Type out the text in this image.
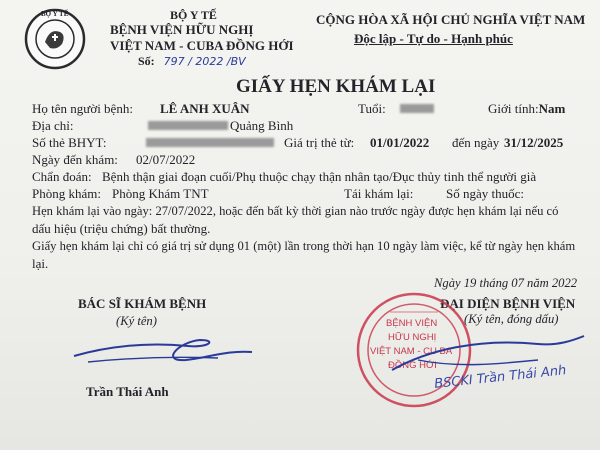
BỘ Y TẾ	BỘ Y TẾ
BỆNH VIỆN HỮU NGHỊ
VIỆT NAM - CUBA ĐỒNG HỚI
Số: 797 / 2022 /BV
CỘNG HÒA XÃ HỘI CHỦ NGHĨA VIỆT NAM
Độc lập - Tự do - Hạnh phúc
GIẤY HẸN KHÁM LẠI
Họ tên người bệnh: LÊ ANH XUÂN	Tuổi:	Giới tính:Nam
Địa chỉ:	Quảng Bình
Số thẻ BHYT:	Giá trị thẻ từ: 01/01/2022 đến ngày 31/12/2025
Ngày đến khám: 02/07/2022
Chẩn đoán: Bệnh thận giai đoạn cuối/Phụ thuộc chạy thận nhân tạo/Đục thủy tinh thể người già
Phòng khám: Phòng Khám TNT	Tái khám lại:	Số ngày thuốc:
Hẹn khám lại vào ngày: 27/07/2022, hoặc đến bất kỳ thời gian nào trước ngày được hẹn khám lại nếu có
dấu hiệu (triệu chứng) bất thường.
Giấy hẹn khám lại chỉ có giá trị sử dụng 01 (một) lần trong thời hạn 10 ngày làm việc, kể từ ngày hẹn khám
lại.
Ngày 19 tháng 07 năm 2022
BÁC SĨ KHÁM BỆNH
(Ký tên)
Trần Thái Anh
ĐẠI DIỆN BỆNH VIỆN
(Ký tên, đóng dấu)
BỆNH VIỆN
HỮU NGHỊ
VIỆT NAM - CU BA
ĐỒNG HỚI
BSCKI Trần Thái Anh
